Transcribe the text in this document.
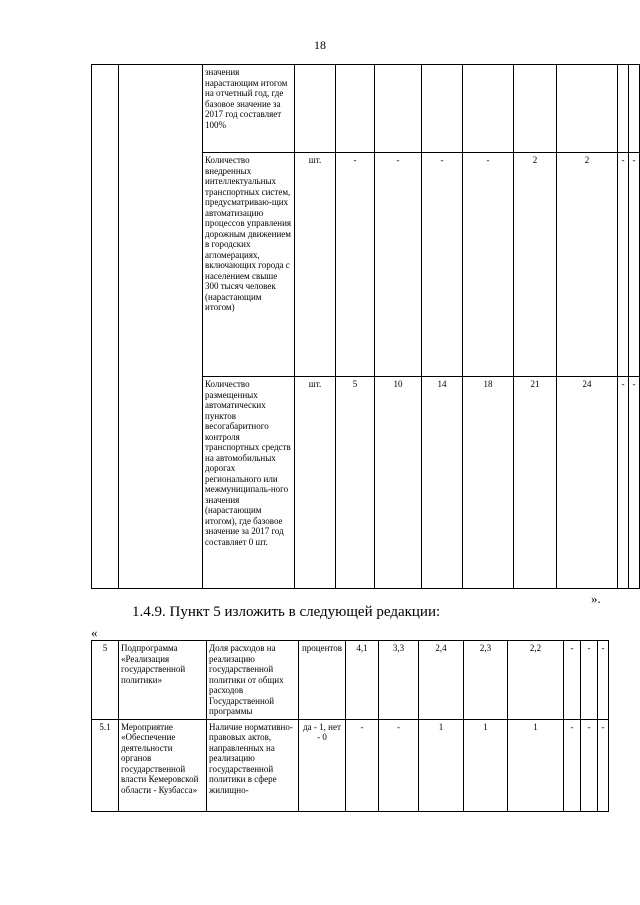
18
		значения нарастающим итогом на отчетный год, где базовое значение за 2017 год составляет 100%									
		Количество внедренных интеллектуальных транспортных систем, предусматриваю-щих автоматизацию процессов управления дорожным движением в городских агломерациях, включающих города с населением свыше 300 тысяч человек (нарастающим итогом)	шт.	-	-	-	-	2	2	-	-
		Количество размещенных автоматических пунктов весогабаритного контроля транспортных средств на автомобильных дорогах регионального или межмуниципаль-ного значения (нарастающим итогом), где базовое значение за 2017 год составляет 0 шт.	шт.	5	10	14	18	21	24	-	-
».
1.4.9. Пункт 5 изложить в следующей редакции:
«
5	Подпрограмма «Реализация государственной политики»	Доля расходов на реализацию государственной политики от общих расходов Государственной программы	процентов	4,1	3,3	2,4	2,3	2,2	-	-	-
5.1	Мероприятие «Обеспечение деятельности органов государственной власти Кемеровской области - Кузбасса»	Наличие нормативно-правовых актов, направленных на реализацию государственной политики в сфере жилищно-	да - 1, нет - 0	-	-	1	1	1	-	-	-
